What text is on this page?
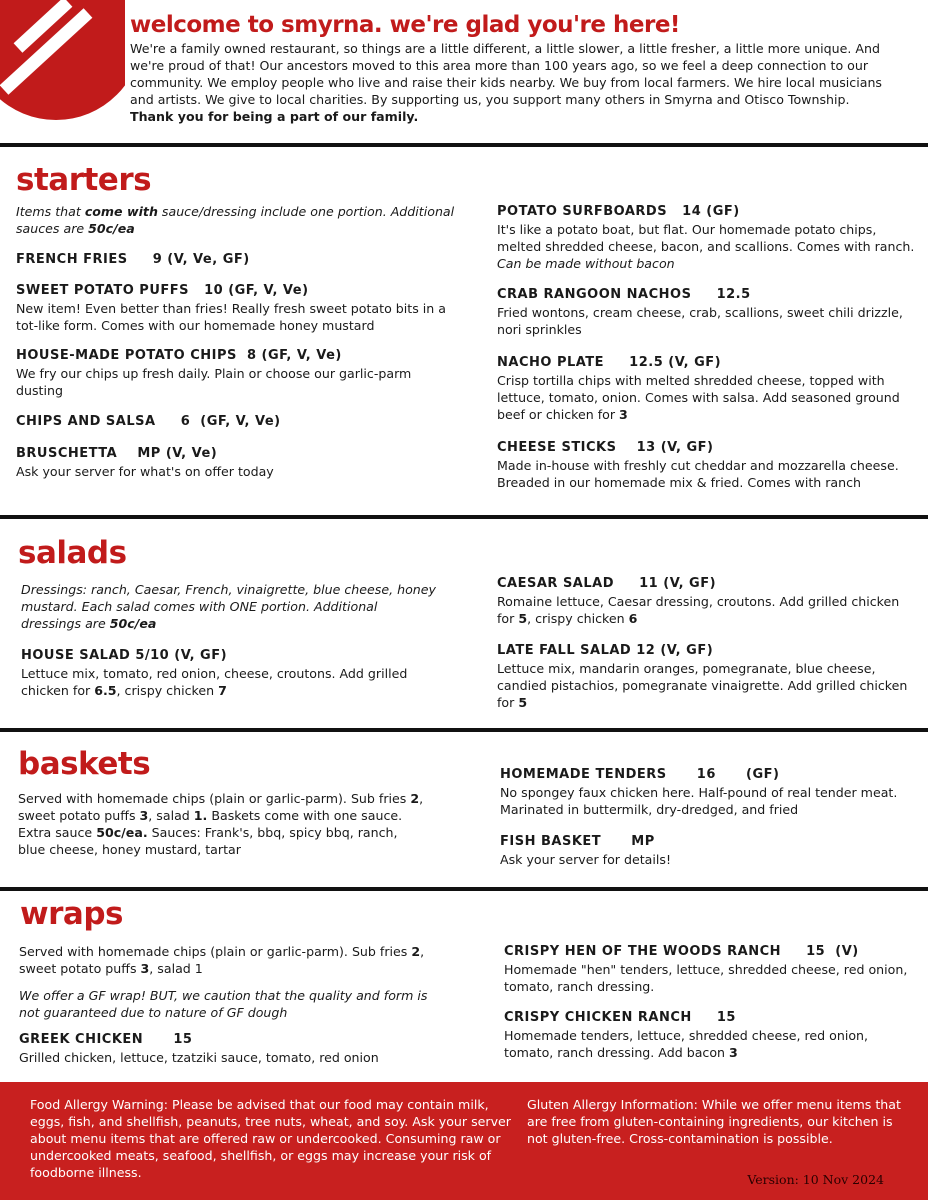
welcome to smyrna. we're glad you're here!

We're a family owned restaurant, so things are a little different, a little slower, a little fresher, a little more unique. And we're proud of that! Our ancestors moved to this area more than 100 years ago, so we feel a deep connection to our community. We employ people who live and raise their kids nearby. We buy from local farmers. We hire local musicians and artists. We give to local charities. By supporting us, you support many others in Smyrna and Otisco Township. Thank you for being a part of our family.

starters
Items that come with sauce/dressing include one portion. Additional sauces are 50c/ea
FRENCH FRIES     9 (V, Ve, GF)
SWEET POTATO PUFFS   10 (GF, V, Ve)
New item! Even better than fries! Really fresh sweet potato bits in a tot-like form. Comes with our homemade honey mustard
HOUSE-MADE POTATO CHIPS  8 (GF, V, Ve)
We fry our chips up fresh daily. Plain or choose our garlic-parm dusting
CHIPS AND SALSA     6  (GF, V, Ve)
BRUSCHETTA    MP (V, Ve)
Ask your server for what's on offer today
POTATO SURFBOARDS   14 (GF)
It's like a potato boat, but flat. Our homemade potato chips, melted shredded cheese, bacon, and scallions. Comes with ranch. Can be made without bacon
CRAB RANGOON NACHOS     12.5
Fried wontons, cream cheese, crab, scallions, sweet chili drizzle, nori sprinkles
NACHO PLATE     12.5 (V, GF)
Crisp tortilla chips with melted shredded cheese, topped with lettuce, tomato, onion. Comes with salsa. Add seasoned ground beef or chicken for 3
CHEESE STICKS    13 (V, GF)
Made in-house with freshly cut cheddar and mozzarella cheese. Breaded in our homemade mix & fried. Comes with ranch
salads
Dressings: ranch, Caesar, French, vinaigrette, blue cheese, honey mustard. Each salad comes with ONE portion. Additional dressings are 50c/ea
HOUSE SALAD 5/10 (V, GF)
Lettuce mix, tomato, red onion, cheese, croutons. Add grilled chicken for 6.5, crispy chicken 7
CAESAR SALAD     11 (V, GF)
Romaine lettuce, Caesar dressing, croutons. Add grilled chicken for 5, crispy chicken 6
LATE FALL SALAD 12 (V, GF)
Lettuce mix, mandarin oranges, pomegranate, blue cheese, candied pistachios, pomegranate vinaigrette. Add grilled chicken for 5
baskets
Served with homemade chips (plain or garlic-parm). Sub fries 2, sweet potato puffs 3, salad 1. Baskets come with one sauce. Extra sauce 50c/ea. Sauces: Frank's, bbq, spicy bbq, ranch, blue cheese, honey mustard, tartar
HOMEMADE TENDERS      16      (GF)
No spongey faux chicken here. Half-pound of real tender meat. Marinated in buttermilk, dry-dredged, and fried
FISH BASKET      MP
Ask your server for details!
wraps
Served with homemade chips (plain or garlic-parm). Sub fries 2, sweet potato puffs 3, salad 1
We offer a GF wrap! BUT, we caution that the quality and form is not guaranteed due to nature of GF dough
GREEK CHICKEN      15
Grilled chicken, lettuce, tzatziki sauce, tomato, red onion
CRISPY HEN OF THE WOODS RANCH     15  (V)
Homemade "hen" tenders, lettuce, shredded cheese, red onion, tomato, ranch dressing.
CRISPY CHICKEN RANCH     15
Homemade tenders, lettuce, shredded cheese, red onion, tomato, ranch dressing. Add bacon 3
Food Allergy Warning: Please be advised that our food may contain milk, eggs, fish, and shellfish, peanuts, tree nuts, wheat, and soy. Ask your server about menu items that are offered raw or undercooked. Consuming raw or undercooked meats, seafood, shellfish, or eggs may increase your risk of foodborne illness.
Gluten Allergy Information: While we offer menu items that are free from gluten-containing ingredients, our kitchen is not gluten-free. Cross-contamination is possible.
Version: 10 Nov 2024
